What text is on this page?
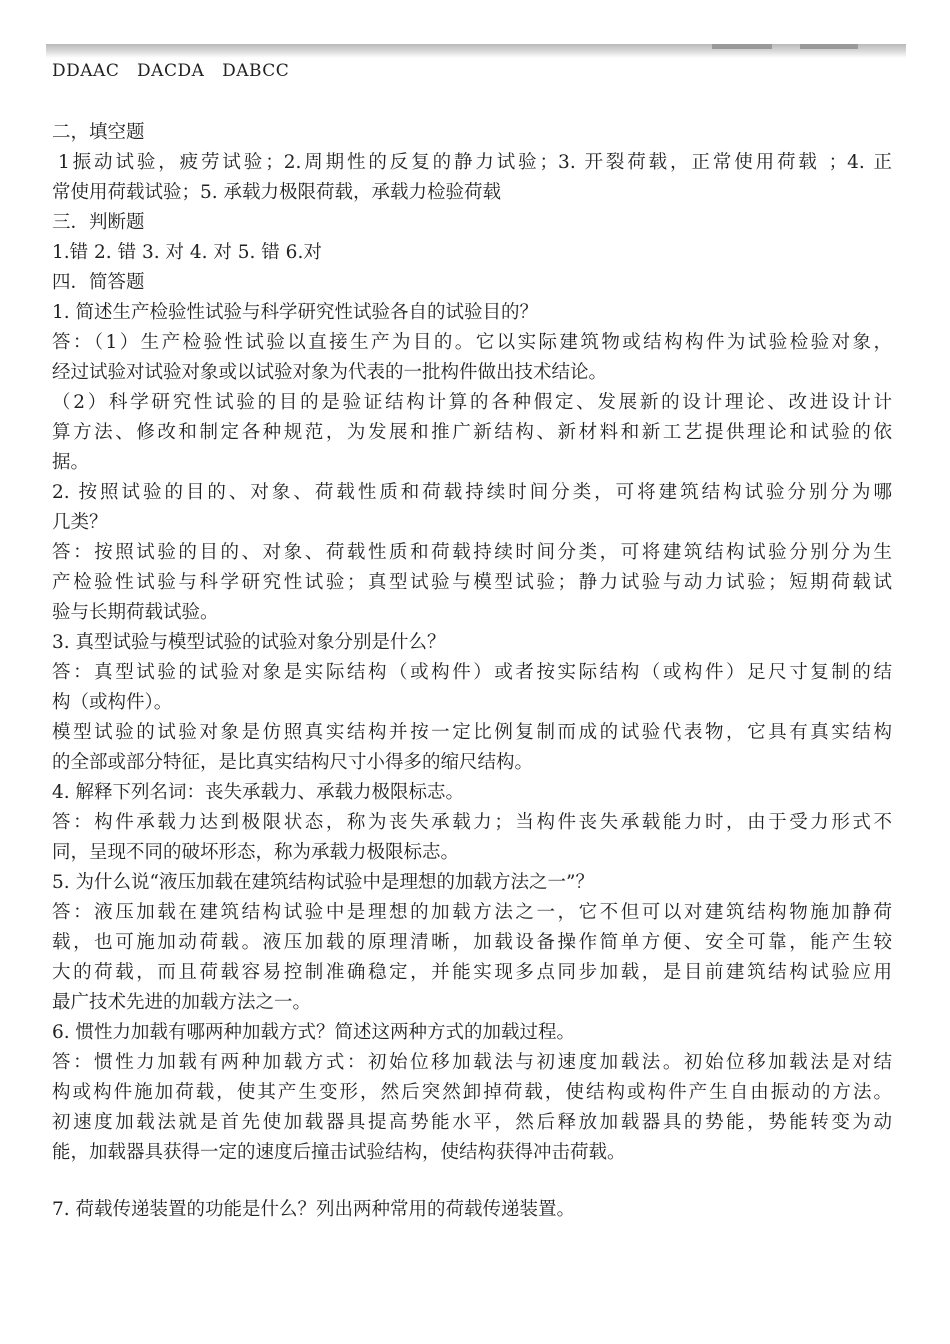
DDAAC   DACDA   DABCC

二，填空题

1振动试验，疲劳试验；2.周期性的反复的静力试验；3. 开裂荷载，正常使用荷载 ；4. 正

常使用荷载试验；5. 承载力极限荷载，承载力检验荷载

三．判断题

1.错 2. 错 3. 对 4. 对 5. 错 6.对

四．简答题

1. 简述生产检验性试验与科学研究性试验各自的试验目的？

答：（1）生产检验性试验以直接生产为目的。它以实际建筑物或结构构件为试验检验对象，

经过试验对试验对象或以试验对象为代表的一批构件做出技术结论。

（2）科学研究性试验的目的是验证结构计算的各种假定、发展新的设计理论、改进设计计

算方法、修改和制定各种规范，为发展和推广新结构、新材料和新工艺提供理论和试验的依

据。

2. 按照试验的目的、对象、荷载性质和荷载持续时间分类，可将建筑结构试验分别分为哪

几类？

答：按照试验的目的、对象、荷载性质和荷载持续时间分类，可将建筑结构试验分别分为生

产检验性试验与科学研究性试验；真型试验与模型试验；静力试验与动力试验；短期荷载试

验与长期荷载试验。

3. 真型试验与模型试验的试验对象分别是什么？

答：真型试验的试验对象是实际结构（或构件）或者按实际结构（或构件）足尺寸复制的结

构（或构件）。

模型试验的试验对象是仿照真实结构并按一定比例复制而成的试验代表物，它具有真实结构

的全部或部分特征，是比真实结构尺寸小得多的缩尺结构。

4. 解释下列名词：丧失承载力、承载力极限标志。

答：构件承载力达到极限状态，称为丧失承载力；当构件丧失承载能力时，由于受力形式不

同，呈现不同的破坏形态，称为承载力极限标志。

5. 为什么说“液压加载在建筑结构试验中是理想的加载方法之一”？

答：液压加载在建筑结构试验中是理想的加载方法之一，它不但可以对建筑结构物施加静荷

载，也可施加动荷载。液压加载的原理清晰，加载设备操作简单方便、安全可靠，能产生较

大的荷载，而且荷载容易控制准确稳定，并能实现多点同步加载，是目前建筑结构试验应用

最广技术先进的加载方法之一。

6. 惯性力加载有哪两种加载方式？简述这两种方式的加载过程。

答：惯性力加载有两种加载方式：初始位移加载法与初速度加载法。初始位移加载法是对结

构或构件施加荷载，使其产生变形，然后突然卸掉荷载，使结构或构件产生自由振动的方法。

初速度加载法就是首先使加载器具提高势能水平，然后释放加载器具的势能，势能转变为动

能，加载器具获得一定的速度后撞击试验结构，使结构获得冲击荷载。

7. 荷载传递装置的功能是什么？列出两种常用的荷载传递装置。
